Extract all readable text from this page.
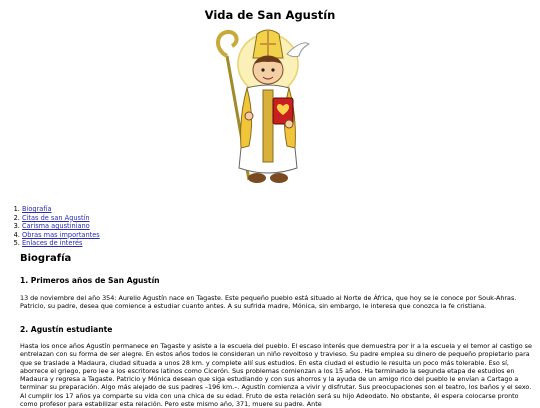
Vida de San Agustín
1. Biografía
2. Citas de san Agustín
3. Carisma agustiniano
4. Obras mas importantes
5. Enlaces de interés
Biografía
1. Primeros años de San Agustín

13 de noviembre del año 354: Aurelio Agustín nace en Tagaste. Este pequeño pueblo está situado al Norte de África, que hoy se le conoce por Souk-Ahras. Patricio, su padre, desea que comience a estudiar cuanto antes. A su sufrida madre, Mónica, sin embargo, le interesa que conozca la fe cristiana.

2. Agustín estudiante

Hasta los once años Agustín permanece en Tagaste y asiste a la escuela del pueblo. El escaso interés que demuestra por ir a la escuela y el temor al castigo se entrelazan con su forma de ser alegre. En estos años todos le consideran un niño revoltoso y travieso. Su padre emplea su dinero de pequeño propietario para que se traslade a Madaura, ciudad situada a unos 28 km. y complete allí sus estudios. En esta ciudad el estudio le resulta un poco más tolerable. Eso sí, aborrece el griego, pero lee a los escritores latinos como Cicerón. Sus problemas comienzan a los 15 años. Ha terminado la segunda etapa de estudios en Madaura y regresa a Tagaste. Patricio y Mónica desean que siga estudiando y con sus ahorros y la ayuda de un amigo rico del pueblo le envían a Cartago a terminar su preparación. Algo más alejado de sus padres –196 km.–. Agustín comienza a vivir y disfrutar. Sus preocupaciones son el teatro, los baños y el sexo. Al cumplir los 17 años ya comparte su vida con una chica de su edad. Fruto de esta relación será su hijo Adeodato. No obstante, él espera colocarse pronto como profesor para estabilizar esta relación. Pero este mismo año, 371, muere su padre. Ante
